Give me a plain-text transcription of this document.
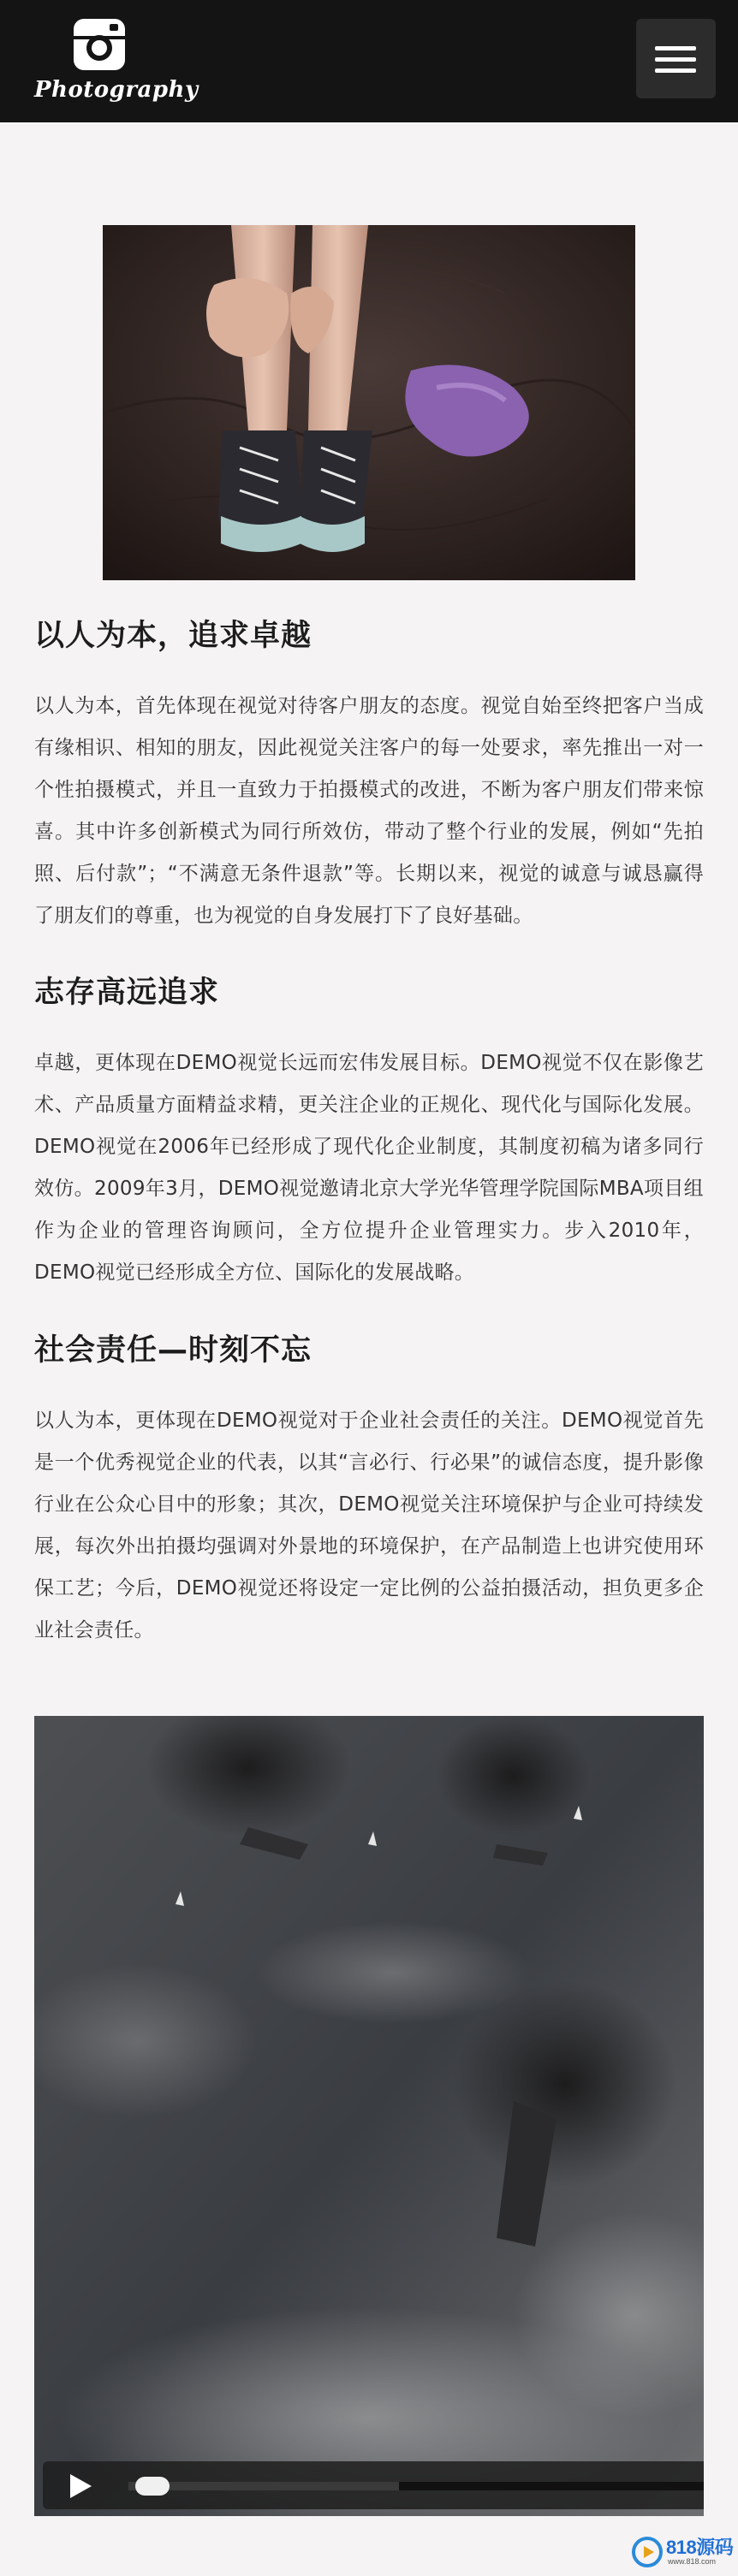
Photography
以人为本，追求卓越

以人为本，首先体现在视觉对待客户朋友的态度。视觉自始至终把客户当成有缘相识、相知的朋友，因此视觉关注客户的每一处要求，率先推出一对一个性拍摄模式，并且一直致力于拍摄模式的改进，不断为客户朋友们带来惊喜。其中许多创新模式为同行所效仿，带动了整个行业的发展，例如“先拍照、后付款”；“不满意无条件退款”等。长期以来，视觉的诚意与诚恳赢得了朋友们的尊重，也为视觉的自身发展打下了良好基础。

志存高远追求

卓越，更体现在DEMO视觉长远而宏伟发展目标。DEMO视觉不仅在影像艺术、产品质量方面精益求精，更关注企业的正规化、现代化与国际化发展。DEMO视觉在2006年已经形成了现代化企业制度，其制度初稿为诸多同行效仿。2009年3月，DEMO视觉邀请北京大学光华管理学院国际MBA项目组作为企业的管理咨询顾问，全方位提升企业管理实力。步入2010年，DEMO视觉已经形成全方位、国际化的发展战略。

社会责任—时刻不忘

以人为本，更体现在DEMO视觉对于企业社会责任的关注。DEMO视觉首先是一个优秀视觉企业的代表，以其“言必行、行必果”的诚信态度，提升影像行业在公众心目中的形象；其次，DEMO视觉关注环境保护与企业可持续发展，每次外出拍摄均强调对外景地的环境保护，在产品制造上也讲究使用环保工艺；今后，DEMO视觉还将设定一定比例的公益拍摄活动，担负更多企业社会责任。

818源码
www.818.com
